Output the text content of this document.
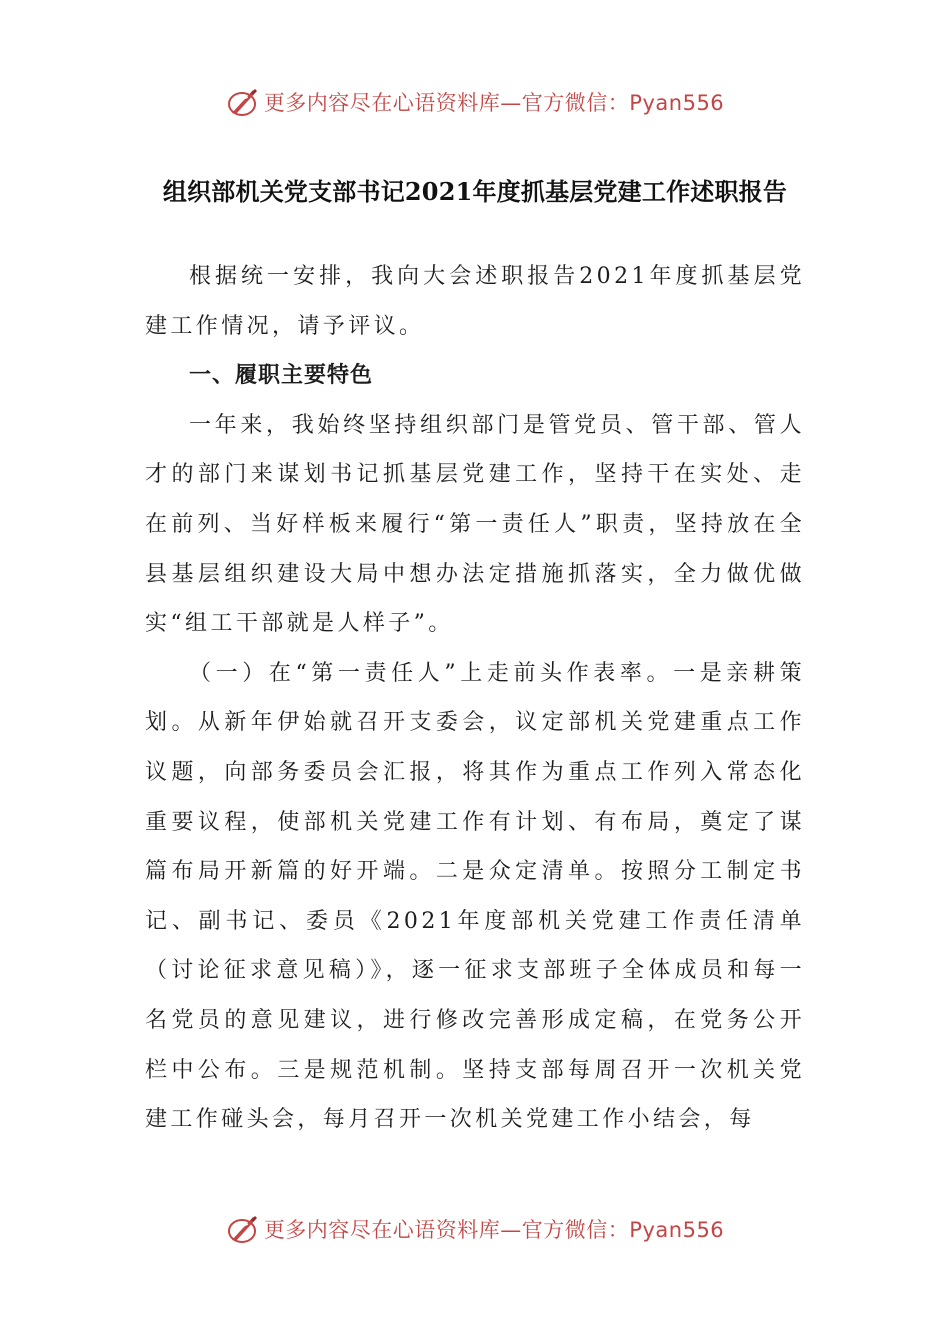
更多内容尽在心语资料库—官方微信：Pyan556
组织部机关党支部书记2021年度抓基层党建工作述职报告

根据统一安排，我向大会述职报告2021年度抓基层党建工作情况，请予评议。

一、履职主要特色

一年来，我始终坚持组织部门是管党员、管干部、管人才的部门来谋划书记抓基层党建工作，坚持干在实处、走在前列、当好样板来履行“第一责任人”职责，坚持放在全县基层组织建设大局中想办法定措施抓落实，全力做优做实“组工干部就是人样子”。

（一）在“第一责任人”上走前头作表率。一是亲耕策划。从新年伊始就召开支委会，议定部机关党建重点工作议题，向部务委员会汇报，将其作为重点工作列入常态化重要议程，使部机关党建工作有计划、有布局，奠定了谋篇布局开新篇的好开端。二是众定清单。按照分工制定书记、副书记、委员《2021年度部机关党建工作责任清单（讨论征求意见稿）》，逐一征求支部班子全体成员和每一名党员的意见建议，进行修改完善形成定稿，在党务公开栏中公布。三是规范机制。坚持支部每周召开一次机关党建工作碰头会，每月召开一次机关党建工作小结会，每

更多内容尽在心语资料库—官方微信：Pyan556
